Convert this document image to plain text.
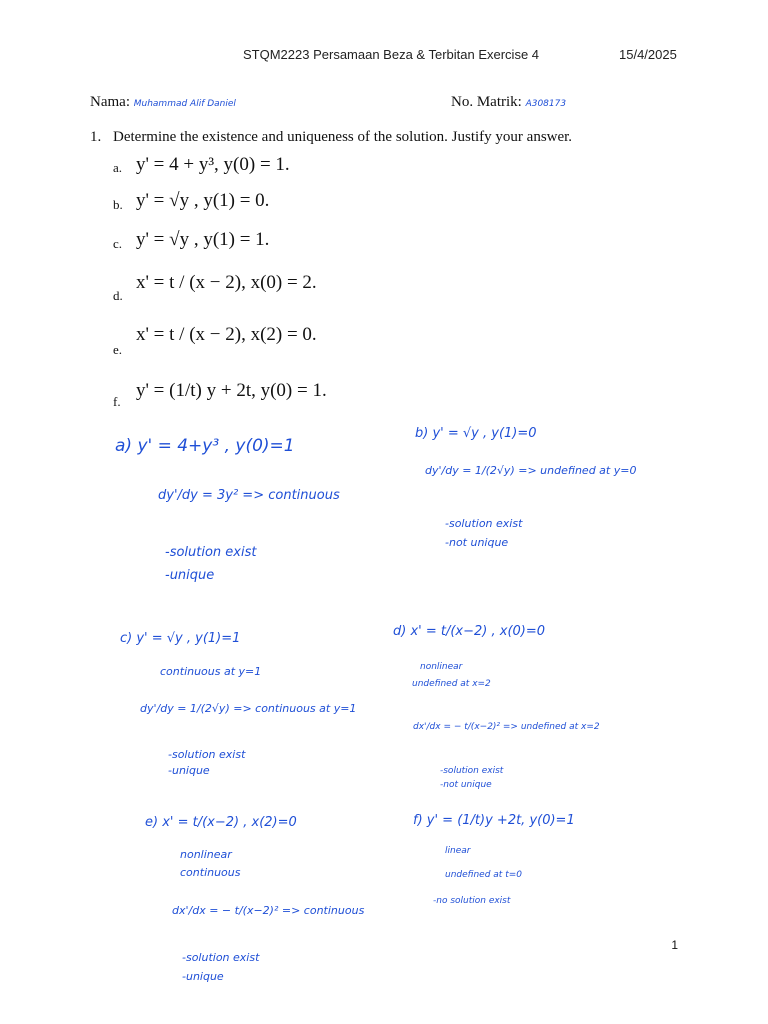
STQM2223 Persamaan Beza & Terbitan Exercise 4	15/4/2025
Nama: Muhammad Alif Daniel	No. Matrik: A308173
1. Determine the existence and uniqueness of the solution. Justify your answer.
a. y' = 4 + y³, y(0) = 1.
b. y' = √y , y(1) = 0.
c. y' = √y , y(1) = 1.
d.
x' = t / (x − 2), x(0) = 2.
e.
x' = t / (x − 2), x(2) = 0.
f.
y' = (1/t) y + 2t, y(0) = 1.
a) y' = 4+y³ , y(0)=1
dy'/dy = 3y² => continuous
-solution exist
-unique
b) y' = √y , y(1)=0
dy'/dy = 1/(2√y) => undefined at y=0
-solution exist
-not unique
c) y' = √y , y(1)=1
continuous at y=1
dy'/dy = 1/(2√y) => continuous at y=1
-solution exist
-unique
d) x' = t/(x−2) , x(0)=0
nonlinear
undefined at x=2
dx'/dx = − t/(x−2)² => undefined at x=2
-solution exist
-not unique
e) x' = t/(x−2) , x(2)=0
nonlinear
continuous
dx'/dx = − t/(x−2)² => continuous
-solution exist
-unique
f) y' = (1/t)y +2t, y(0)=1
linear
undefined at t=0
-no solution exist
1
